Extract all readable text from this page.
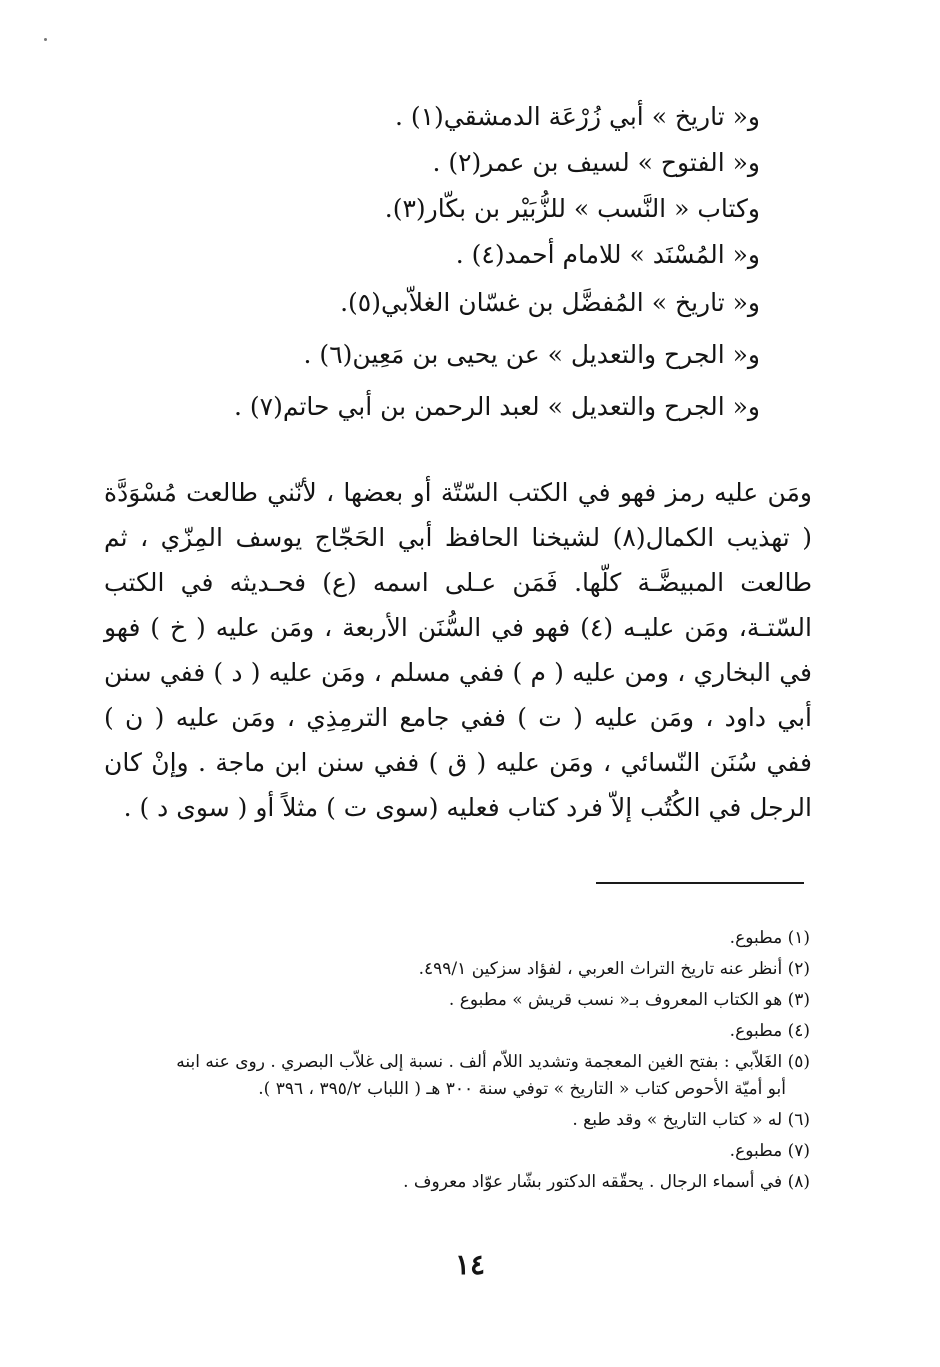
و« تاريخ » أبي زُرْعَة الدمشقي(١) .

و« الفتوح » لسيف بن عمر(٢) .

وكتاب « النَّسب » للزُّبَيْر بن بكّار(٣).

و« المُسْنَد » للامام أحمد(٤) .

و« تاريخ » المُفضَّل بن غسّان الغلاّبي(٥).

و« الجرح والتعديل » عن يحيى بن مَعِين(٦) .

و« الجرح والتعديل » لعبد الرحمن بن أبي حاتم(٧) .

ومَن عليه رمز فهو في الكتب السّتّة أو بعضها ، لأنّني طالعت مُسْوَدَّة ( تهذيب الكمال(٨) لشيخنا الحافظ أبي الحَجّاج يوسف المِزّي ، ثم طالعت المبيضَّـة كلّها. فَمَن عـلى اسمه (ع) فحـديثه في الكتب السّتـة، ومَن عليـه (٤) فهو في السُّنَن الأربعة ، ومَن عليه ( خ ) فهو في البخاري ، ومن عليه ( م ) ففي مسلم ، ومَن عليه ( د ) ففي سنن أبي داود ، ومَن عليه ( ت ) ففي جامع الترمِذِي ، ومَن عليه ( ن ) ففي سُنَن النّسائي ، ومَن عليه ( ق ) ففي سنن ابن ماجة . وإنْ كان الرجل في الكُتُب إلاّ فرد كتاب فعليه (سوى ت ) مثلاً أو ( سوى د ) .

(١) مطبوع.

(٢) أنظر عنه تاريخ التراث العربي ، لفؤاد سزكين ٤٩٩/١.

(٣) هو الكتاب المعروف بـ« نسب قريش » مطبوع .

(٤) مطبوع.

(٥) الغَلاّبي : بفتح الغين المعجمة وتشديد اللاّم ألف . نسبة إلى غلاّب البصري . روى عنه ابنه

أبو أميّة الأحوص كتاب « التاريخ » توفي سنة ٣٠٠ هـ ( اللباب ٣٩٥/٢ ، ٣٩٦ ).

(٦) له « كتاب التاريخ » وقد طبع .

(٧) مطبوع.

(٨) في أسماء الرجال . يحقّقه الدكتور بشّار عوّاد معروف .

١٤
